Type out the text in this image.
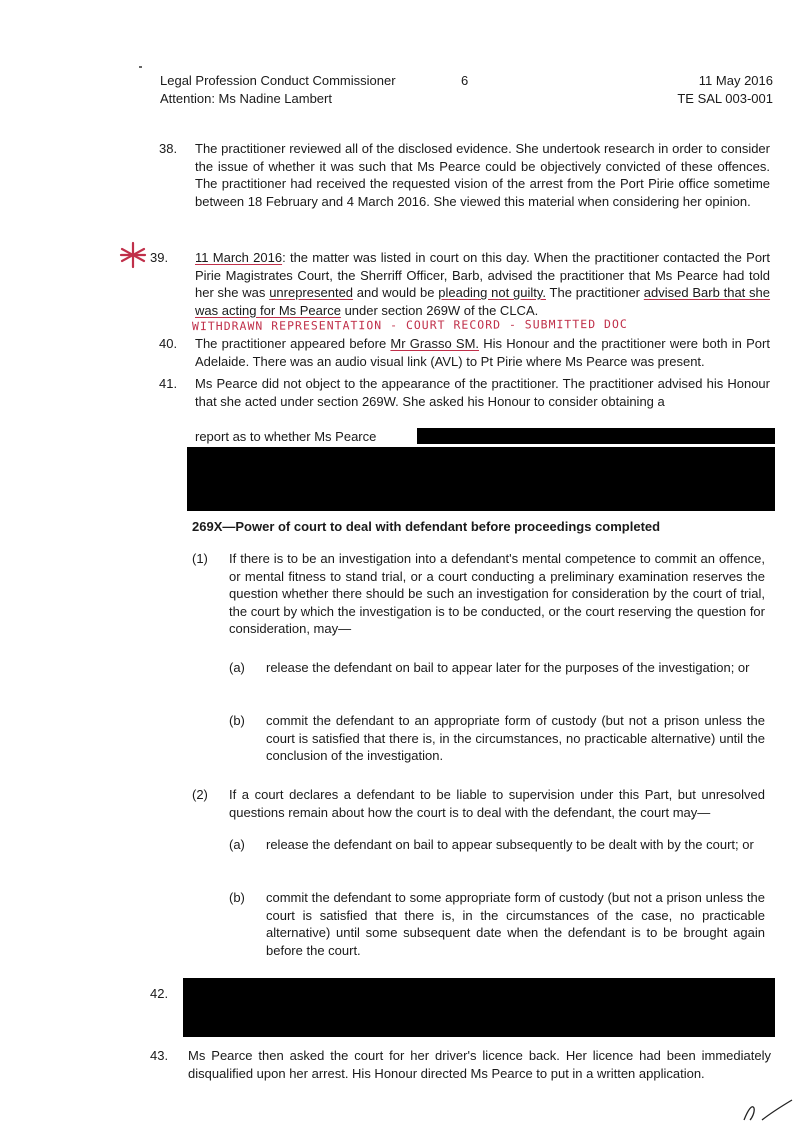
Legal Profession Conduct Commissioner
Attention: Ms Nadine Lambert
6	11 May 2016
TE SAL 003-001
38. The practitioner reviewed all of the disclosed evidence. She undertook research in order to consider the issue of whether it was such that Ms Pearce could be objectively convicted of these offences. The practitioner had received the requested vision of the arrest from the Port Pirie office sometime between 18 February and 4 March 2016. She viewed this material when considering her opinion.
39. 11 March 2016: the matter was listed in court on this day. When the practitioner contacted the Port Pirie Magistrates Court, the Sherriff Officer, Barb, advised the practitioner that Ms Pearce had told her she was unrepresented and would be pleading not guilty. The practitioner advised Barb that she was acting for Ms Pearce under section 269W of the CLCA.
WITHDRAWN REPRESENTATION - COURT RECORD - SUBMITTED DOC
40. The practitioner appeared before Mr Grasso SM. His Honour and the practitioner were both in Port Adelaide. There was an audio visual link (AVL) to Pt Pirie where Ms Pearce was present.
41. Ms Pearce did not object to the appearance of the practitioner. The practitioner advised his Honour that she acted under section 269W. She asked his Honour to consider obtaining a
report as to whether Ms Pearce
269X—Power of court to deal with defendant before proceedings completed
(1) If there is to be an investigation into a defendant's mental competence to commit an offence, or mental fitness to stand trial, or a court conducting a preliminary examination reserves the question whether there should be such an investigation for consideration by the court of trial, the court by which the investigation is to be conducted, or the court reserving the question for consideration, may—
(a) release the defendant on bail to appear later for the purposes of the investigation; or
(b) commit the defendant to an appropriate form of custody (but not a prison unless the court is satisfied that there is, in the circumstances, no practicable alternative) until the conclusion of the investigation.
(2) If a court declares a defendant to be liable to supervision under this Part, but unresolved questions remain about how the court is to deal with the defendant, the court may—
(a) release the defendant on bail to appear subsequently to be dealt with by the court; or
(b) commit the defendant to some appropriate form of custody (but not a prison unless the court is satisfied that there is, in the circumstances of the case, no practicable alternative) until some subsequent date when the defendant is to be brought again before the court.
42.
43. Ms Pearce then asked the court for her driver's licence back. Her licence had been immediately disqualified upon her arrest. His Honour directed Ms Pearce to put in a written application.
